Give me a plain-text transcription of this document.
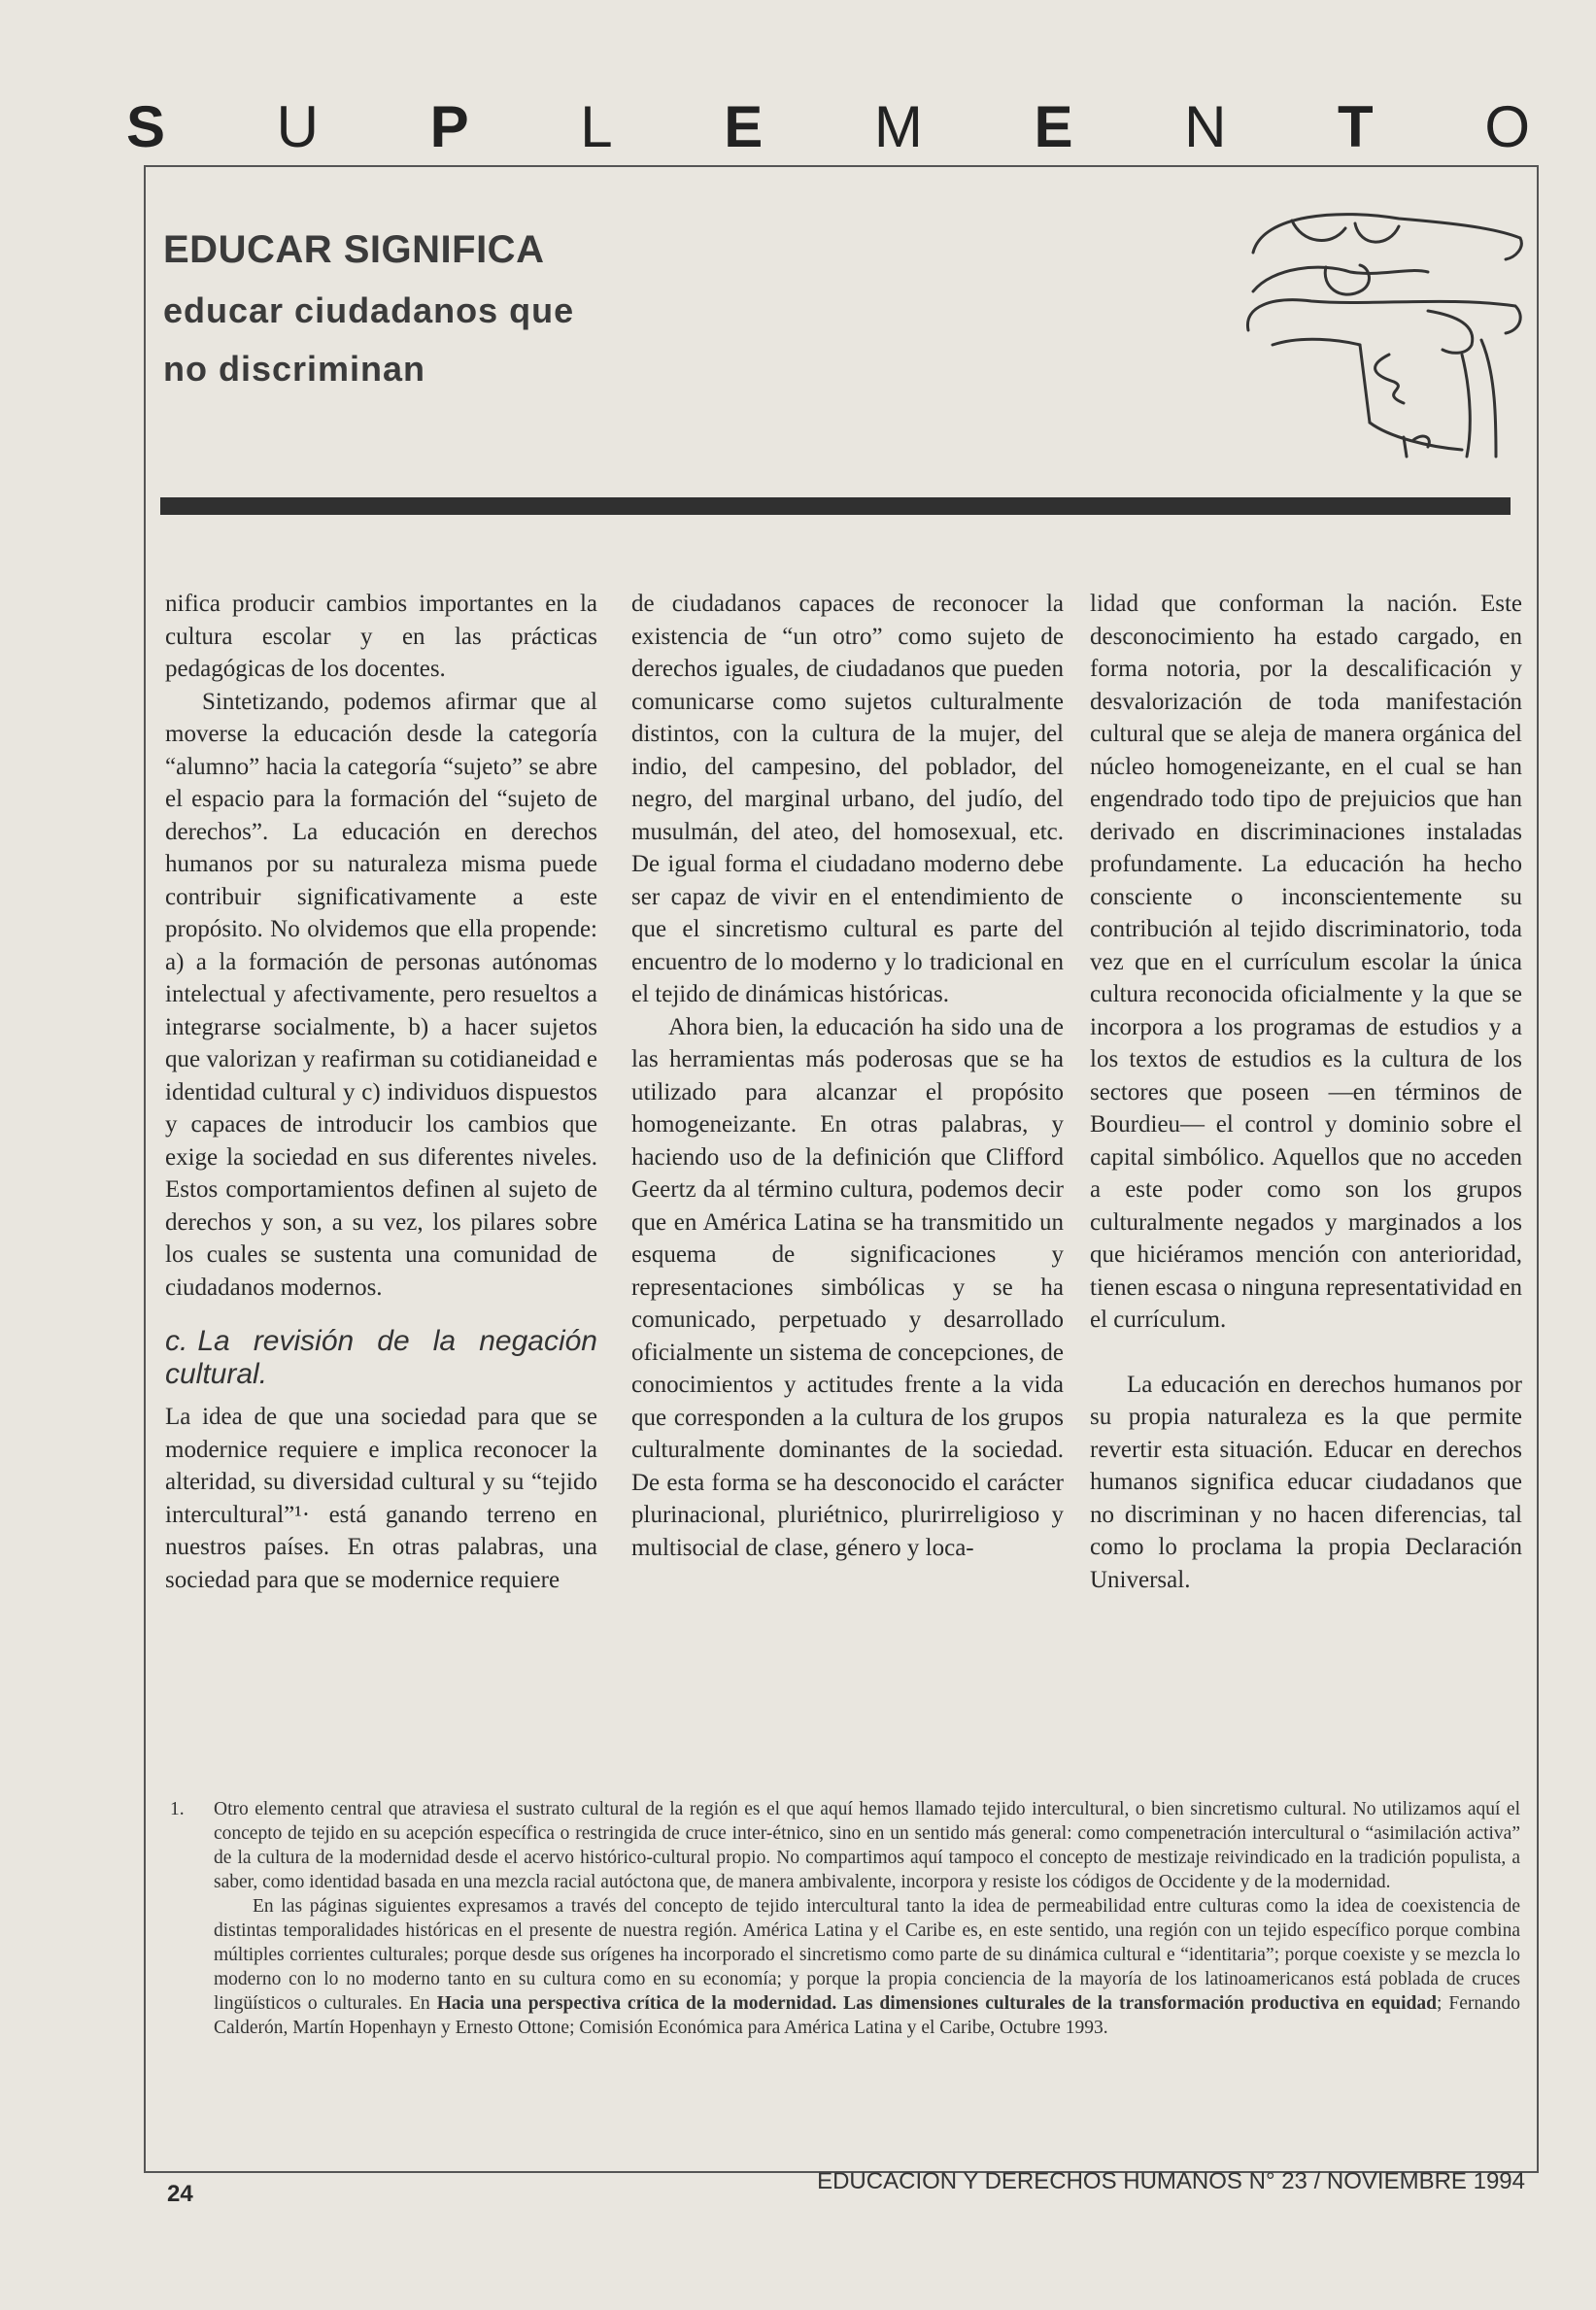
S U P L E M E N T O
EDUCAR SIGNIFICA
educar ciudadanos que
no discriminan

nifica producir cambios importantes en la cultura escolar y en las prácticas pedagógicas de los docentes.

Sintetizando, podemos afirmar que al moverse la educación desde la categoría “alumno” hacia la categoría “sujeto” se abre el espacio para la formación del “sujeto de derechos”. La educación en derechos humanos por su naturaleza misma puede contribuir significativamente a este propósito. No olvidemos que ella propende: a) a la formación de personas autónomas intelectual y afectivamente, pero resueltos a integrarse socialmente, b) a hacer sujetos que valorizan y reafirman su cotidianeidad e identidad cultural y c) individuos dispuestos y capaces de introducir los cambios que exige la sociedad en sus diferentes niveles. Estos comportamientos definen al sujeto de derechos y son, a su vez, los pilares sobre los cuales se sustenta una comunidad de ciudadanos modernos.

c. La revisión de la negación cultural.

La idea de que una sociedad para que se modernice requiere e implica reconocer la alteridad, su diversidad cultural y su “tejido intercultural”¹· está ganando terreno en nuestros países. En otras palabras, una sociedad para que se modernice requiere

de ciudadanos capaces de reconocer la existencia de “un otro” como sujeto de derechos iguales, de ciudadanos que pueden comunicarse como sujetos culturalmente distintos, con la cultura de la mujer, del indio, del campesino, del poblador, del negro, del marginal urbano, del judío, del musulmán, del ateo, del homosexual, etc. De igual forma el ciudadano moderno debe ser capaz de vivir en el entendimiento de que el sincretismo cultural es parte del encuentro de lo moderno y lo tradicional en el tejido de dinámicas históricas.

Ahora bien, la educación ha sido una de las herramientas más poderosas que se ha utilizado para alcanzar el propósito homogeneizante. En otras palabras, y haciendo uso de la definición que Clifford Geertz da al término cultura, podemos decir que en América Latina se ha transmitido un esquema de significaciones y representaciones simbólicas y se ha comunicado, perpetuado y desarrollado oficialmente un sistema de concepciones, de conocimientos y actitudes frente a la vida que corresponden a la cultura de los grupos culturalmente dominantes de la sociedad. De esta forma se ha desconocido el carácter plurinacional, pluriétnico, plurirreligioso y multisocial de clase, género y loca-

lidad que conforman la nación. Este desconocimiento ha estado cargado, en forma notoria, por la descalificación y desvalorización de toda manifestación cultural que se aleja de manera orgánica del núcleo homogeneizante, en el cual se han engendrado todo tipo de prejuicios que han derivado en discriminaciones instaladas profundamente. La educación ha hecho consciente o inconscientemente su contribución al tejido discriminatorio, toda vez que en el currículum escolar la única cultura reconocida oficialmente y la que se incorpora a los programas de estudios y a los textos de estudios es la cultura de los sectores que poseen —en términos de Bourdieu— el control y dominio sobre el capital simbólico. Aquellos que no acceden a este poder como son los grupos culturalmente negados y marginados a los que hiciéramos mención con anterioridad, tienen escasa o ninguna representatividad en el currículum.

La educación en derechos humanos por su propia naturaleza es la que permite revertir esta situación. Educar en derechos humanos significa educar ciudadanos que no discriminan y no hacen diferencias, tal como lo proclama la propia Declaración Universal.

1. Otro elemento central que atraviesa el sustrato cultural de la región es el que aquí hemos llamado tejido intercultural, o bien sincretismo cultural. No utilizamos aquí el concepto de tejido en su acepción específica o restringida de cruce inter-étnico, sino en un sentido más general: como compenetración intercultural o “asimilación activa” de la cultura de la modernidad desde el acervo histórico-cultural propio. No compartimos aquí tampoco el concepto de mestizaje reivindicado en la tradición populista, a saber, como identidad basada en una mezcla racial autóctona que, de manera ambivalente, incorpora y resiste los códigos de Occidente y de la modernidad.

En las páginas siguientes expresamos a través del concepto de tejido intercultural tanto la idea de permeabilidad entre culturas como la idea de coexistencia de distintas temporalidades históricas en el presente de nuestra región. América Latina y el Caribe es, en este sentido, una región con un tejido específico porque combina múltiples corrientes culturales; porque desde sus orígenes ha incorporado el sincretismo como parte de su dinámica cultural e “identitaria”; porque coexiste y se mezcla lo moderno con lo no moderno tanto en su cultura como en su economía; y porque la propia conciencia de la mayoría de los latinoamericanos está poblada de cruces lingüísticos o culturales. En Hacia una perspectiva crítica de la modernidad. Las dimensiones culturales de la transformación productiva en equidad; Fernando Calderón, Martín Hopenhayn y Ernesto Ottone; Comisión Económica para América Latina y el Caribe, Octubre 1993.

24	EDUCACION Y DERECHOS HUMANOS N° 23 / NOVIEMBRE 1994
